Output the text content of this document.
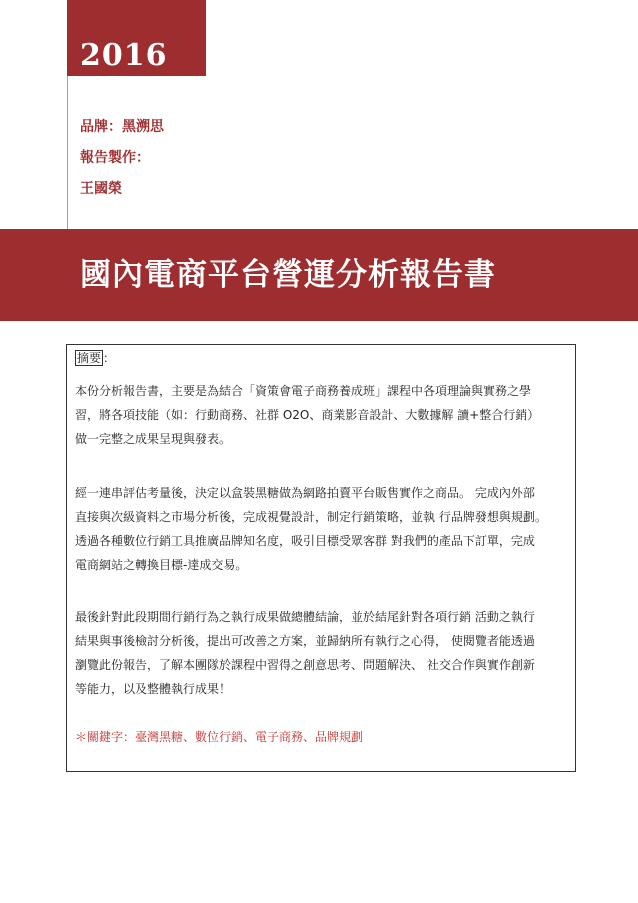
2016
品牌：黑溯思
報告製作：
王國榮
國內電商平台營運分析報告書
摘要 ：
本份分析報告書，主要是為結合「資策會電子商務養成班」課程中各項理論與實務之學
習，將各項技能（如：行動商務、社群 O2O、商業影音設計、大數據解 讀+整合行銷）
做一完整之成果呈現與發表。
經一連串評估考量後，決定以盒裝黑糖做為網路拍賣平台販售實作之商品。 完成內外部
直接與次級資料之市場分析後，完成視覺設計，制定行銷策略，並執 行品牌發想與規劃。
透過各種數位行銷工具推廣品牌知名度，吸引目標受眾客群 對我們的產品下訂單，完成
電商網站之轉換目標-達成交易。
最後針對此段期間行銷行為之執行成果做總體結論，並於結尾針對各項行銷 活動之執行
結果與事後檢討分析後，提出可改善之方案，並歸納所有執行之心得， 使閱覽者能透過
瀏覽此份報告，了解本團隊於課程中習得之創意思考、問題解決、 社交合作與實作創新
等能力，以及整體執行成果！
＊關鍵字：臺灣黑糖、數位行銷、電子商務、品牌規劃
